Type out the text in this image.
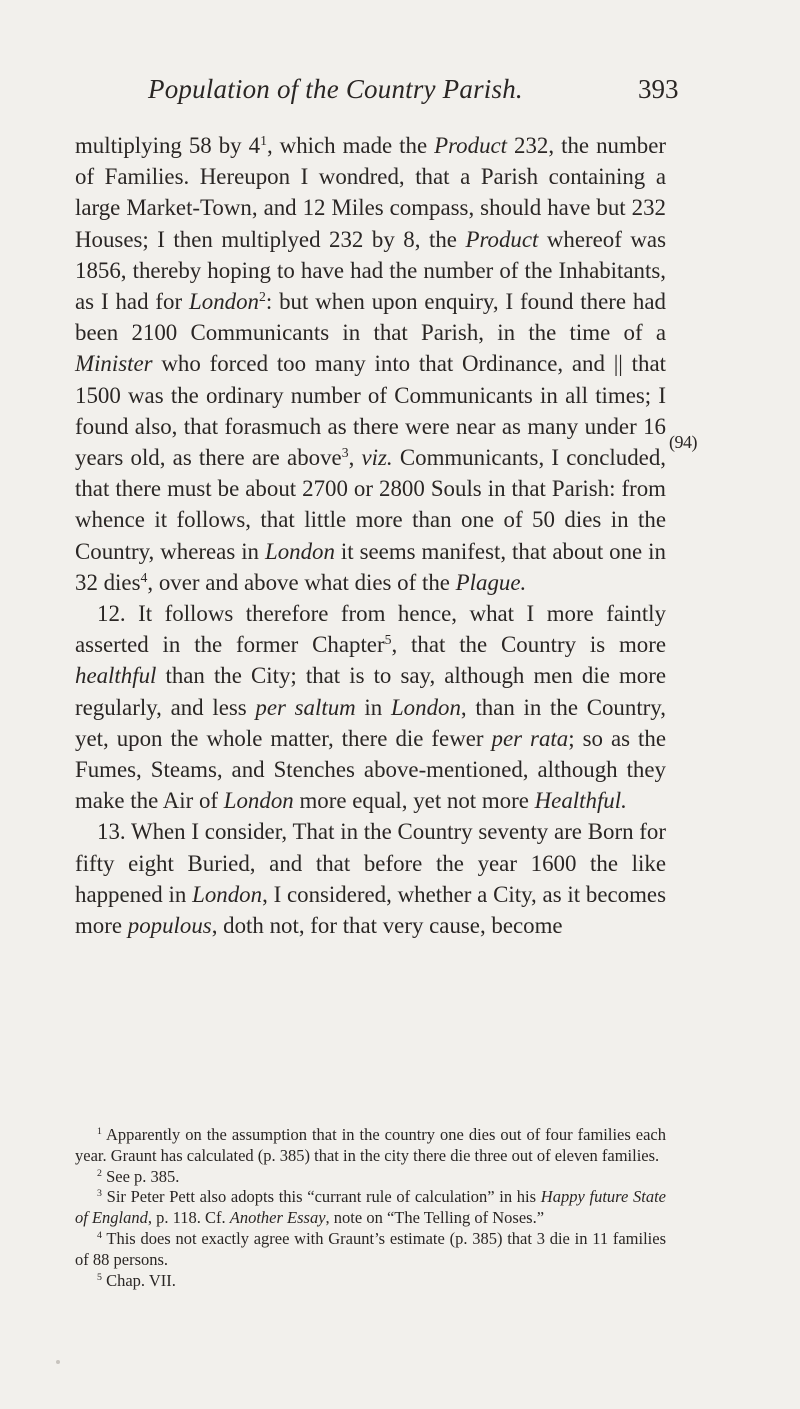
Population of the Country Parish.	393
(94)

multiplying 58 by $4^1$, which made the Product 232, the number of Families. Hereupon I wondred, that a Parish containing a large Market-Town, and 12 Miles compass, should have but 232 Houses; I then multiplyed 232 by 8, the Product whereof was 1856, thereby hoping to have had the number of the Inhabitants, as I had for London$^2$: but when upon enquiry, I found there had been 2100 Communicants in that Parish, in the time of a Minister who forced too many into that Ordinance, and || that 1500 was the ordinary number of Communicants in all times; I found also, that forasmuch as there were near as many under 16 years old, as there are above$^3$, viz. Communicants, I concluded, that there must be about 2700 or 2800 Souls in that Parish: from whence it follows, that little more than one of 50 dies in the Country, whereas in London it seems manifest, that about one in 32 dies$^4$, over and above what dies of the Plague.

12. It follows therefore from hence, what I more faintly asserted in the former Chapter$^5$, that the Country is more healthful than the City; that is to say, although men die more regularly, and less per saltum in London, than in the Country, yet, upon the whole matter, there die fewer per rata; so as the Fumes, Steams, and Stenches above-mentioned, although they make the Air of London more equal, yet not more Healthful.

13. When I consider, That in the Country seventy are Born for fifty eight Buried, and that before the year 1600 the like happened in London, I considered, whether a City, as it becomes more populous, doth not, for that very cause, become

$^1$ Apparently on the assumption that in the country one dies out of four families each year. Graunt has calculated (p. 385) that in the city there die three out of eleven families.

$^2$ See p. 385.

$^3$ Sir Peter Pett also adopts this “currant rule of calculation” in his Happy future State of England, p. 118. Cf. Another Essay, note on “The Telling of Noses.”

$^4$ This does not exactly agree with Graunt’s estimate (p. 385) that 3 die in 11 families of 88 persons.

$^5$ Chap. VII.
